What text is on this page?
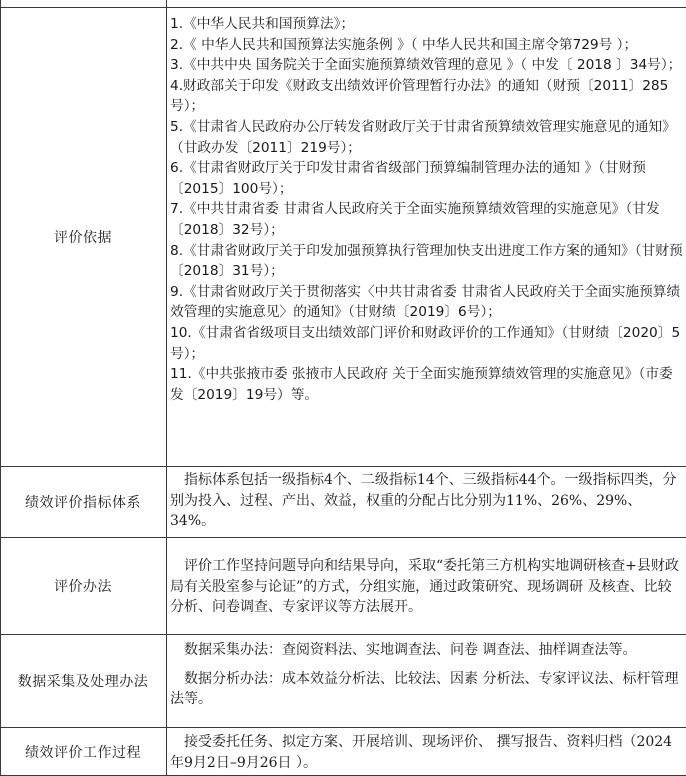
评价依据
1.《中华人民共和国预算法》；
2.《 中华人民共和国预算法实施条例 》（ 中华人民共和国主席令第729号 ）；
3.《中共中央 国务院关于全面实施预算绩效管理的意见 》（ 中发〔 2018 〕34号）；
4.财政部关于印发《财政支出绩效评价管理暂行办法》的通知（财预〔2011〕285号）；
5.《甘肃省人民政府办公厅转发省财政厅关于甘肃省预算绩效管理实施意见的通知》（甘政办发〔2011〕219号）；
6.《甘肃省财政厅关于印发甘肃省省级部门预算编制管理办法的通知 》（甘财预〔2015〕100号）；
7.《中共甘肃省委 甘肃省人民政府关于全面实施预算绩效管理的实施意见》（甘发〔2018〕32号）；
8.《甘肃省财政厅关于印发加强预算执行管理加快支出进度工作方案的通知》（甘财预〔2018〕31号）；
9.《甘肃省财政厅关于贯彻落实〈中共甘肃省委 甘肃省人民政府关于全面实施预算绩效管理的实施意见〉的通知》（甘财绩〔2019〕6号）；
10.《甘肃省省级项目支出绩效部门评价和财政评价的工作通知》（甘财绩〔2020〕5 号）；
11.《中共张掖市委 张掖市人民政府 关于全面实施预算绩效管理的实施意见》（市委发〔2019〕19号）等。
绩效评价指标体系
指标体系包括一级指标4个、二级指标14个、三级指标44个。一级指标四类，分别为投入、过程、产出、效益，权重的分配占比分别为11%、26%、29%、34%。
评价办法
评价工作坚持问题导向和结果导向，采取“委托第三方机构实地调研核查+县财政局有关股室参与论证”的方式，分组实施，通过政策研究、现场调研 及核查、比较分析、问卷调查、专家评议等方法展开。
数据采集及处理办法
数据采集办法：查阅资料法、实地调查法、问卷 调查法、抽样调查法等。
数据分析办法：成本效益分析法、比较法、因素 分析法、专家评议法、标杆管理法等。
绩效评价工作过程
接受委托任务、拟定方案、开展培训、现场评价、 撰写报告、资料归档（2024年9月2日–9月26日 ）。
